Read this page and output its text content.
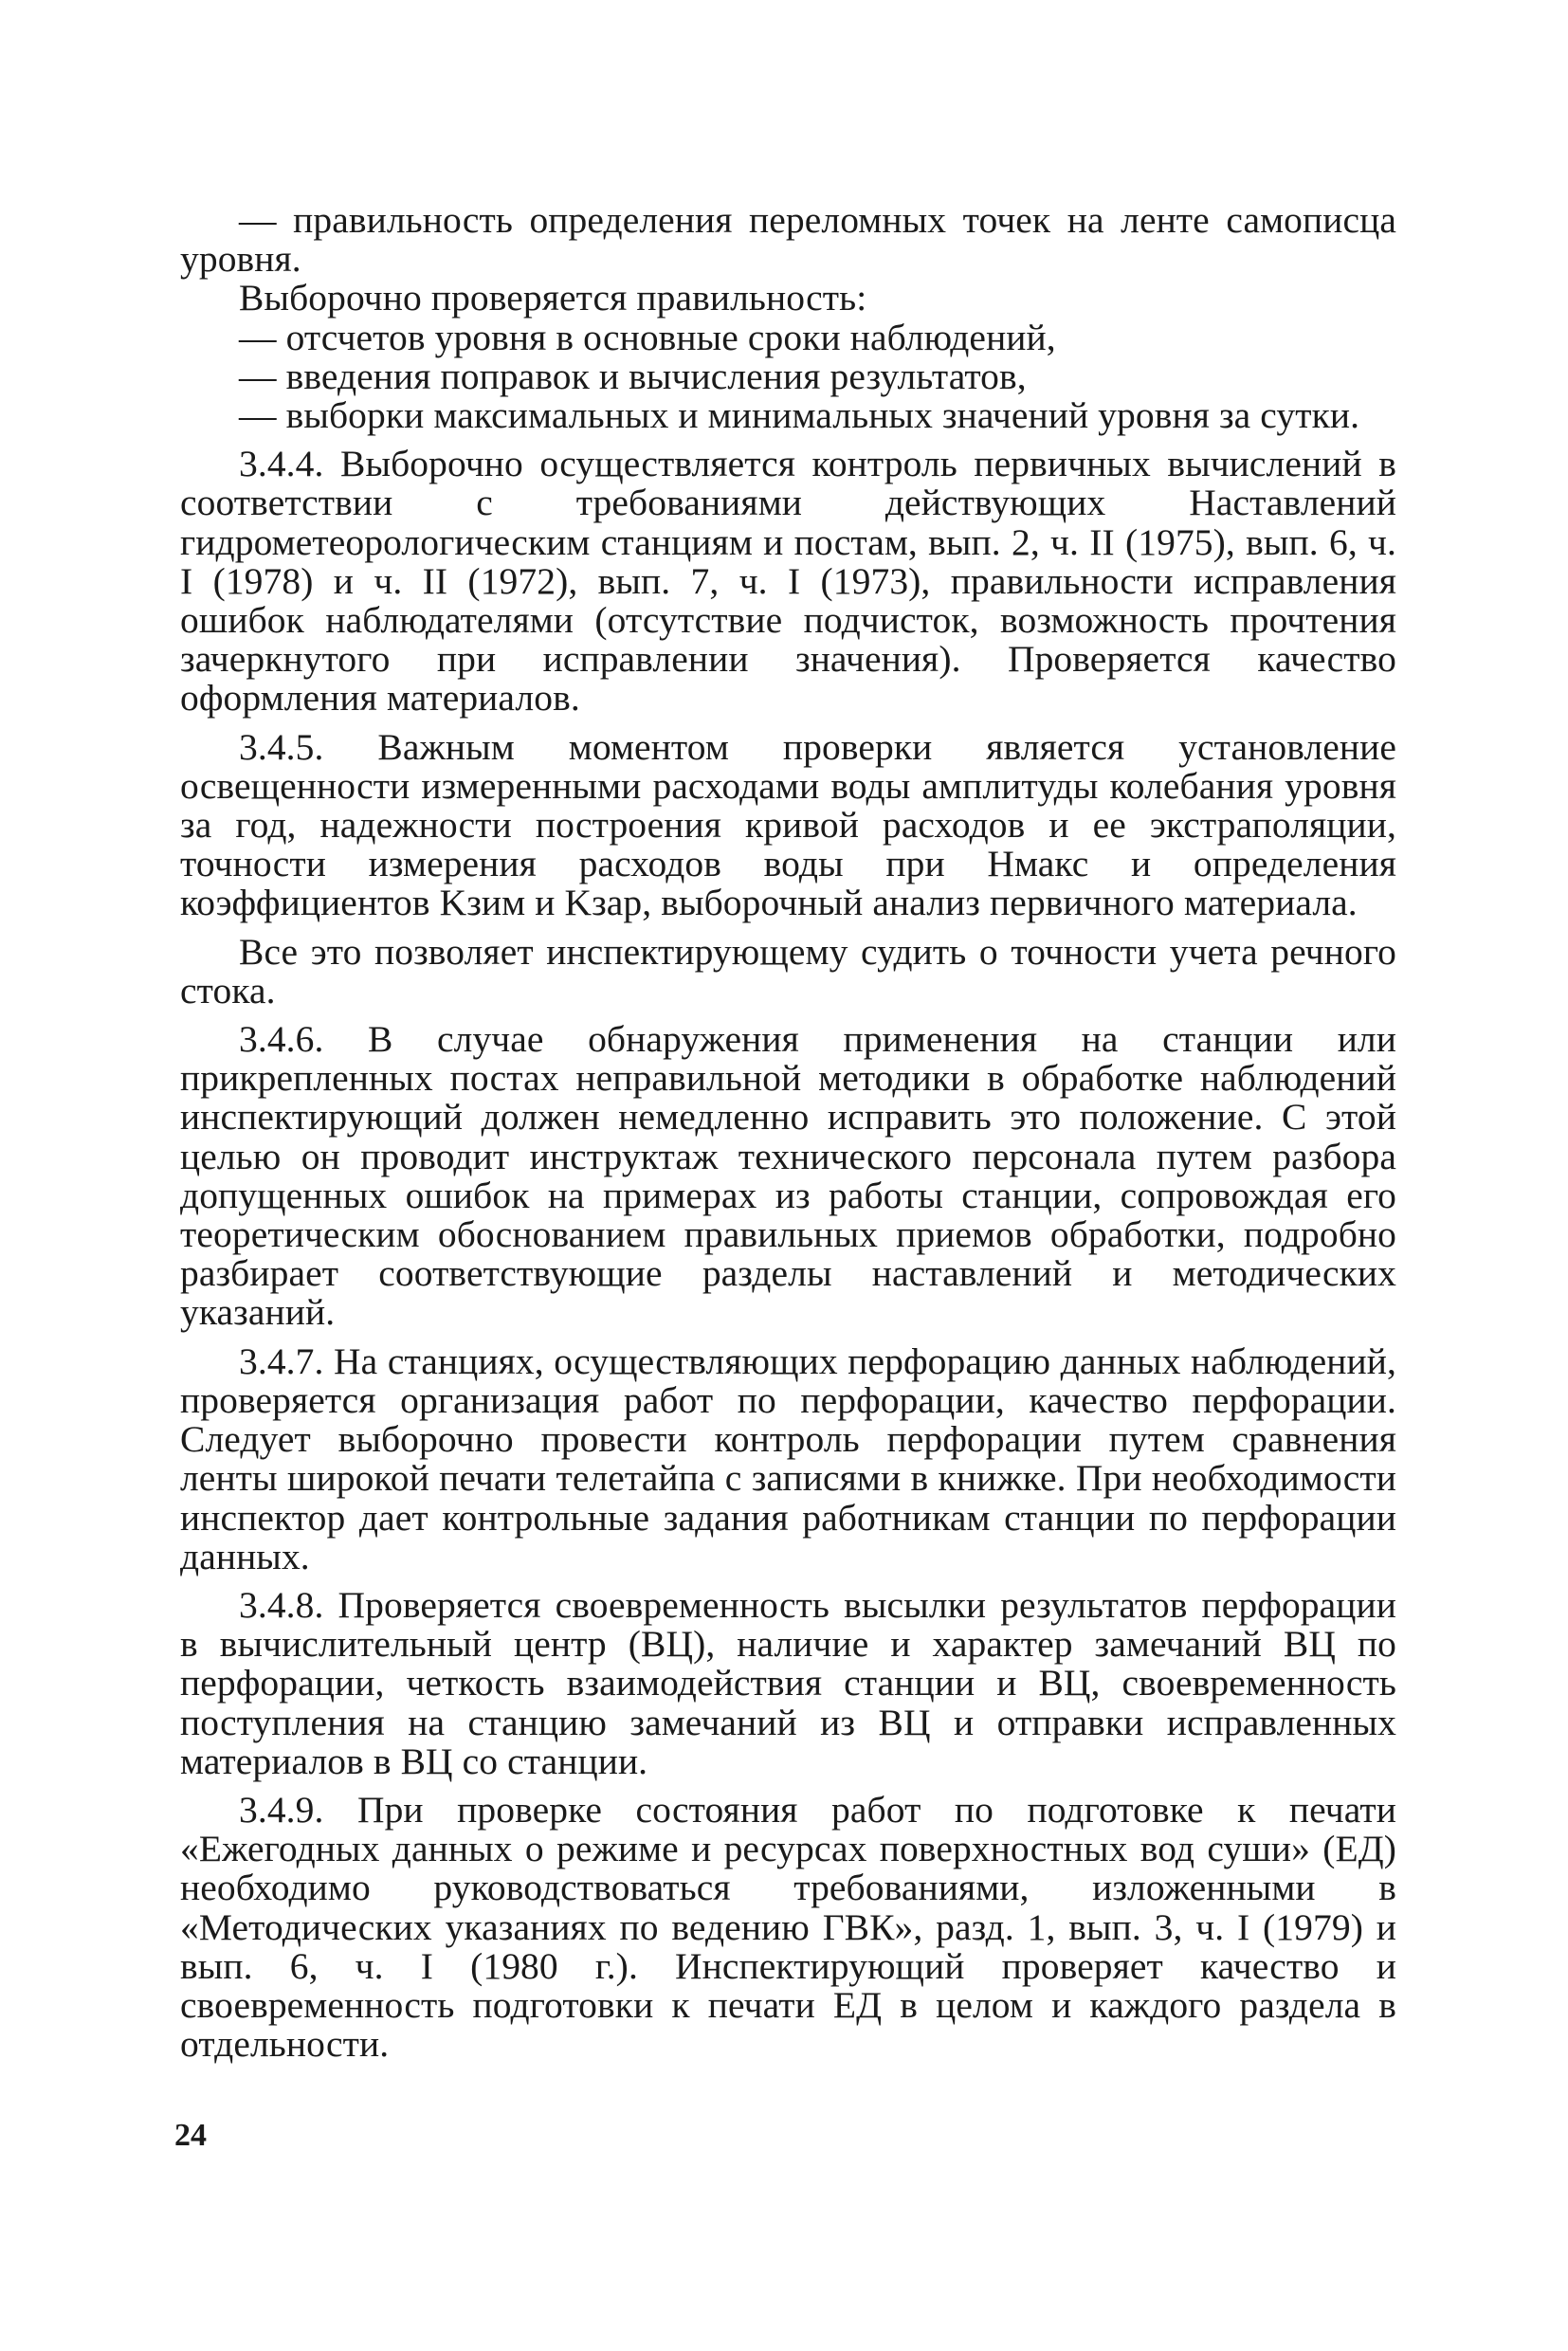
— правильность определения переломных точек на ленте самописца уровня.

Выборочно проверяется правильность:

— отсчетов уровня в основные сроки наблюдений,

— введения поправок и вычисления результатов,

— выборки максимальных и минимальных значений уровня за сутки.

3.4.4. Выборочно осуществляется контроль первичных вычислений в соответствии с требованиями действующих Наставлений гидрометеорологическим станциям и постам, вып. 2, ч. II (1975), вып. 6, ч. I (1978) и ч. II (1972), вып. 7, ч. I (1973), правильности исправления ошибок наблюдателями (отсутствие подчисток, возможность прочтения зачеркнутого при исправлении значения). Проверяется качество оформления материалов.

3.4.5. Важным моментом проверки является установление освещенности измеренными расходами воды амплитуды колебания уровня за год, надежности построения кривой расходов и ее экстраполяции, точности измерения расходов воды при Hмакс и определения коэффициентов Kзим и Kзар, выборочный анализ первичного материала.

Все это позволяет инспектирующему судить о точности учета речного стока.

3.4.6. В случае обнаружения применения на станции или прикрепленных постах неправильной методики в обработке наблюдений инспектирующий должен немедленно исправить это положение. С этой целью он проводит инструктаж технического персонала путем разбора допущенных ошибок на примерах из работы станции, сопровождая его теоретическим обоснованием правильных приемов обработки, подробно разбирает соответствующие разделы наставлений и методических указаний.

3.4.7. На станциях, осуществляющих перфорацию данных наблюдений, проверяется организация работ по перфорации, качество перфорации. Следует выборочно провести контроль перфорации путем сравнения ленты широкой печати телетайпа с записями в книжке. При необходимости инспектор дает контрольные задания работникам станции по перфорации данных.

3.4.8. Проверяется своевременность высылки результатов перфорации в вычислительный центр (ВЦ), наличие и характер замечаний ВЦ по перфорации, четкость взаимодействия станции и ВЦ, своевременность поступления на станцию замечаний из ВЦ и отправки исправленных материалов в ВЦ со станции.

3.4.9. При проверке состояния работ по подготовке к печати «Ежегодных данных о режиме и ресурсах поверхностных вод суши» (ЕД) необходимо руководствоваться требованиями, изложенными в «Методических указаниях по ведению ГВК», разд. 1, вып. 3, ч. I (1979) и вып. 6, ч. I (1980 г.). Инспектирующий проверяет качество и своевременность подготовки к печати ЕД в целом и каждого раздела в отдельности.

24
